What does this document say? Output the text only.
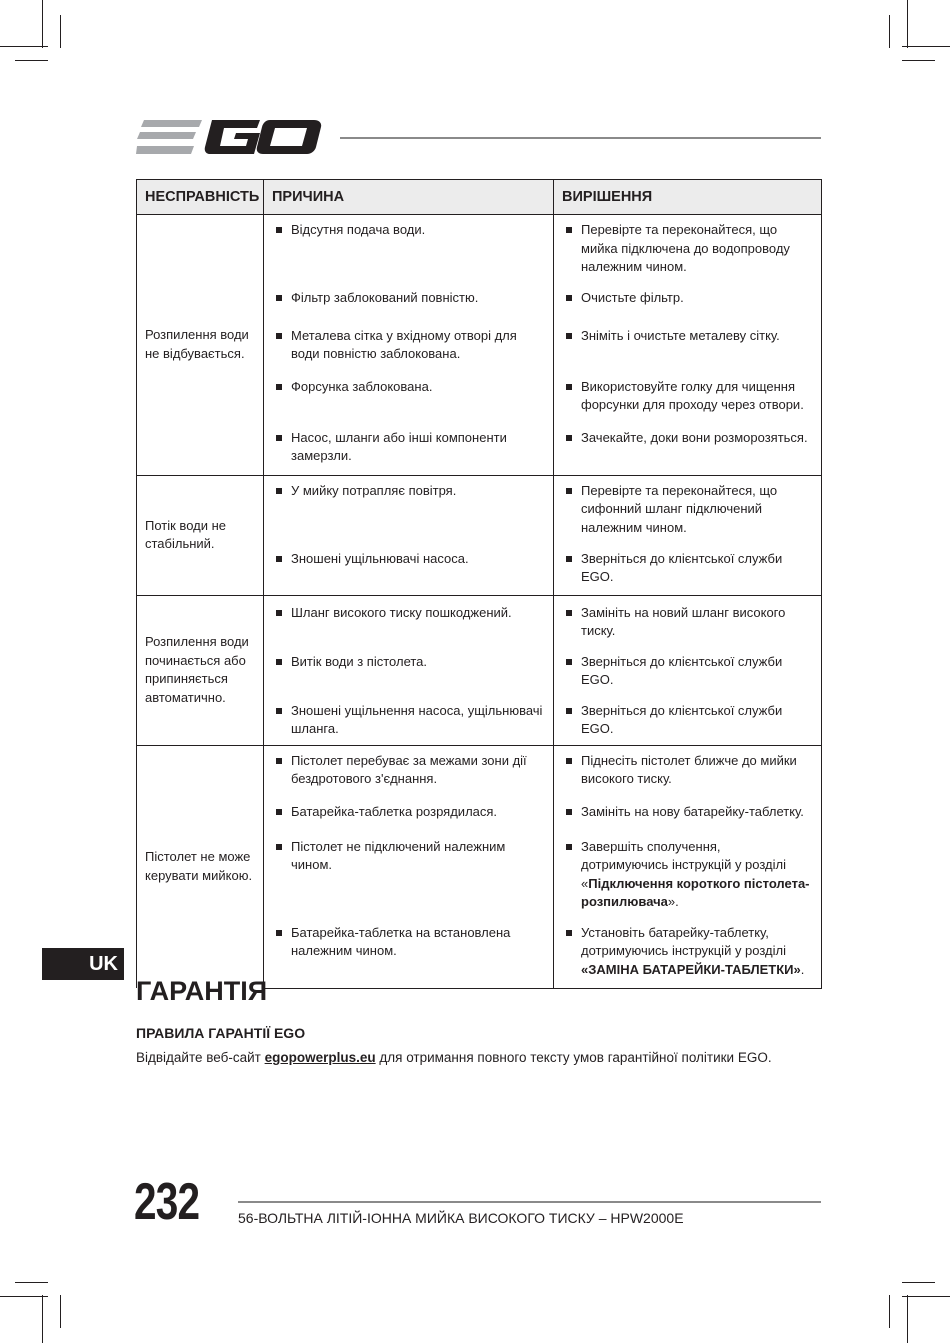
НЕСПРАВНІСТЬ	ПРИЧИНА	ВИРІШЕННЯ
Розпилення води не відбувається.	Відсутня подача води.	Перевірте та переконайтеся, що мийка підключена до водопроводу належним чином.

	Фільтр заблокований повністю.	Очистьте фільтр.

	Металева сітка у вхідному отворі для води повністю заблокована.	Зніміть і очистьте металеву сітку.

	Форсунка заблокована.	Використовуйте голку для чищення форсунки для проходу через отвори.

	Насос, шланги або інші компоненти замерзли.	Зачекайте, доки вони розморозяться.

Потік води не стабільний.	У мийку потрапляє повітря.	Перевірте та переконайтеся, що сифонний шланг підключений належним чином.

	Зношені ущільнювачі насоса.	Зверніться до клієнтської служби EGO.

Розпилення води починається або припиняється автоматично.	Шланг високого тиску пошкоджений.	Замініть на новий шланг високого тиску.

	Витік води з пістолета.	Зверніться до клієнтської служби EGO.

	Зношені ущільнення насоса, ущільнювачі шланга.	Зверніться до клієнтської служби EGO.

Пістолет не може керувати мийкою.	Пістолет перебуває за межами зони дії бездротового з'єднання.	Піднесіть пістолет ближче до мийки високого тиску.

	Батарейка-таблетка розрядилася.	Замініть на нову батарейку-таблетку.

	Пістолет не підключений належним чином.	Завершіть сполучення, дотримуючись інструкцій у розділі «Підключення короткого пістолета-розпилювача».

	Батарейка-таблетка на встановлена належним чином.	Установіть батарейку-таблетку, дотримуючись інструкцій у розділі «ЗАМІНА БАТАРЕЙКИ-ТАБЛЕТКИ».
UK
ГАРАНТІЯ
ПРАВИЛА ГАРАНТІЇ EGO
Відвідайте веб-сайт egopowerplus.eu для отримання повного тексту умов гарантійної політики EGO.
232	56-ВОЛЬТНА ЛІТІЙ-ІОННА МИЙКА ВИСОКОГО ТИСКУ – HPW2000E
